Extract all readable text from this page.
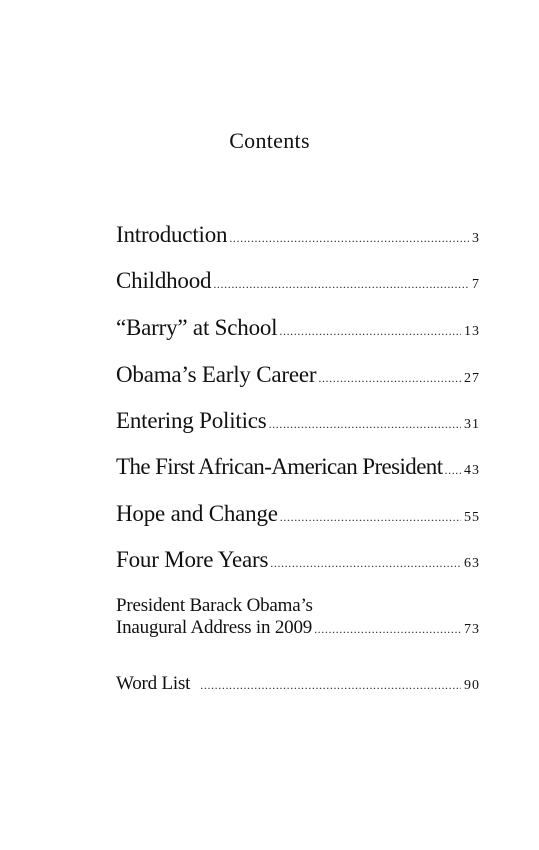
Contents
Introduction .....	3
Childhood .....	7
“Barry” at School .....	13
Obama’s Early Career .....	27
Entering Politics .....	31
The First African-American President ..... 43
Hope and Change .....	55
Four More Years .....	63
President Barack Obama’s
Inaugural Address in 2009 .....	73
Word List .....	90
